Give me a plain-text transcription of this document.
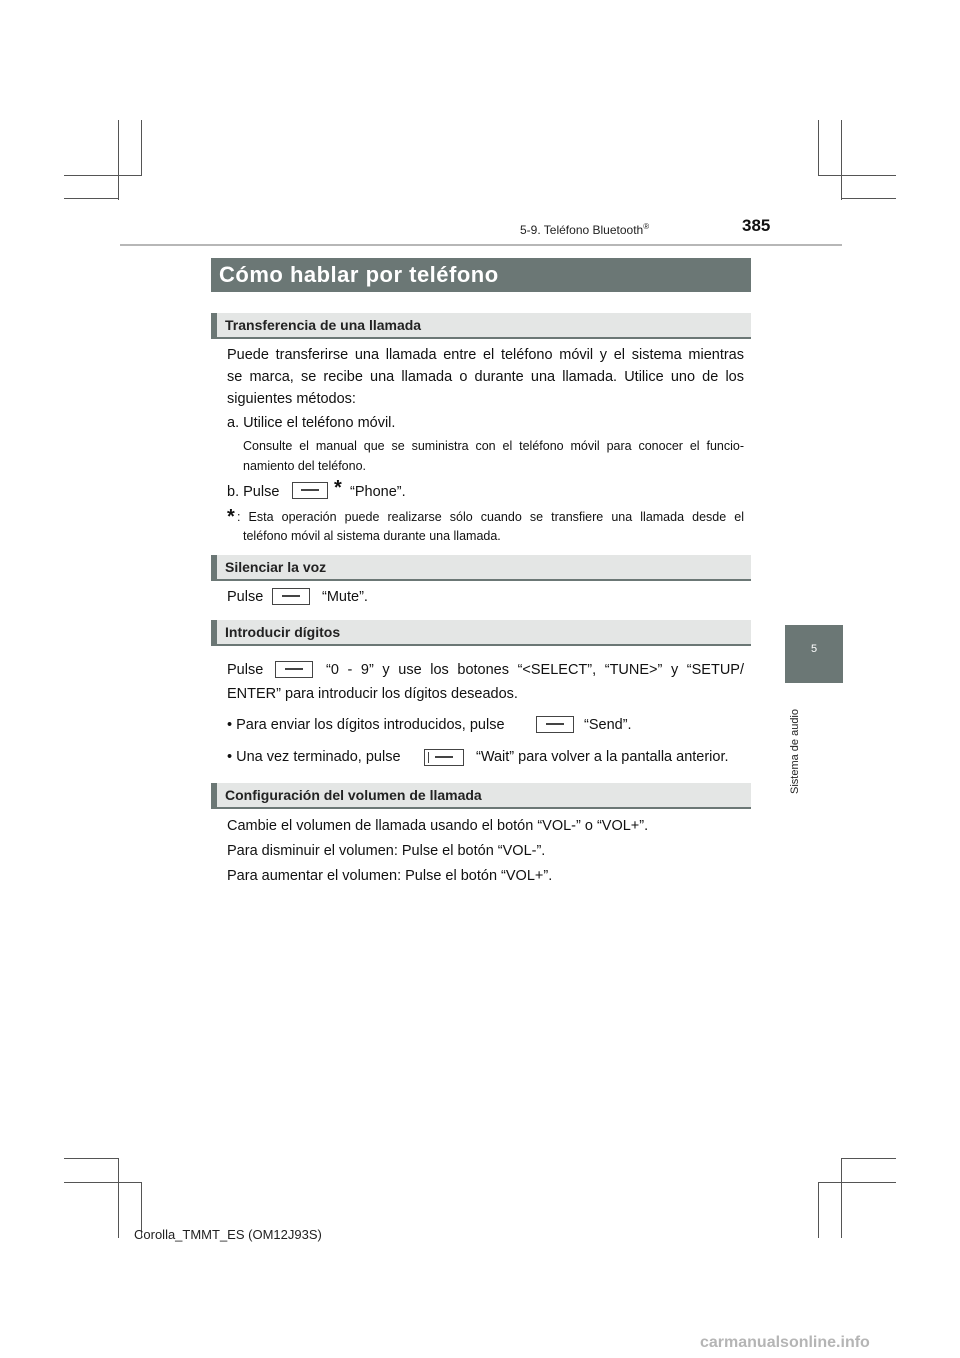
5-9. Teléfono Bluetooth®	385
5
Sistema de audio
Cómo hablar por teléfono
Transferencia de una llamada
Puede transferirse una llamada entre el teléfono móvil y el sistema mientras
se marca, se recibe una llamada o durante una llamada. Utilice uno de los
siguientes métodos:
a. Utilice el teléfono móvil.
Consulte el manual que se suministra con el teléfono móvil para conocer el funcio-
namiento del teléfono.
b. Pulse	* “Phone”.
* : Esta operación puede realizarse sólo cuando se transfiere una llamada desde el
teléfono móvil al sistema durante una llamada.
Silenciar la voz
Pulse	“Mute”.
Introducir dígitos
Pulse	“0 - 9” y use los botones “<SELECT”, “TUNE>” y “SETUP/
ENTER” para introducir los dígitos deseados.
• Para enviar los dígitos introducidos, pulse	“Send”.
• Una vez terminado, pulse	“Wait” para volver a la pantalla anterior.
Configuración del volumen de llamada
Cambie el volumen de llamada usando el botón “VOL-” o “VOL+”.
Para disminuir el volumen: Pulse el botón “VOL-”.
Para aumentar el volumen: Pulse el botón “VOL+”.
Corolla_TMMT_ES (OM12J93S)
carmanualsonline.info
